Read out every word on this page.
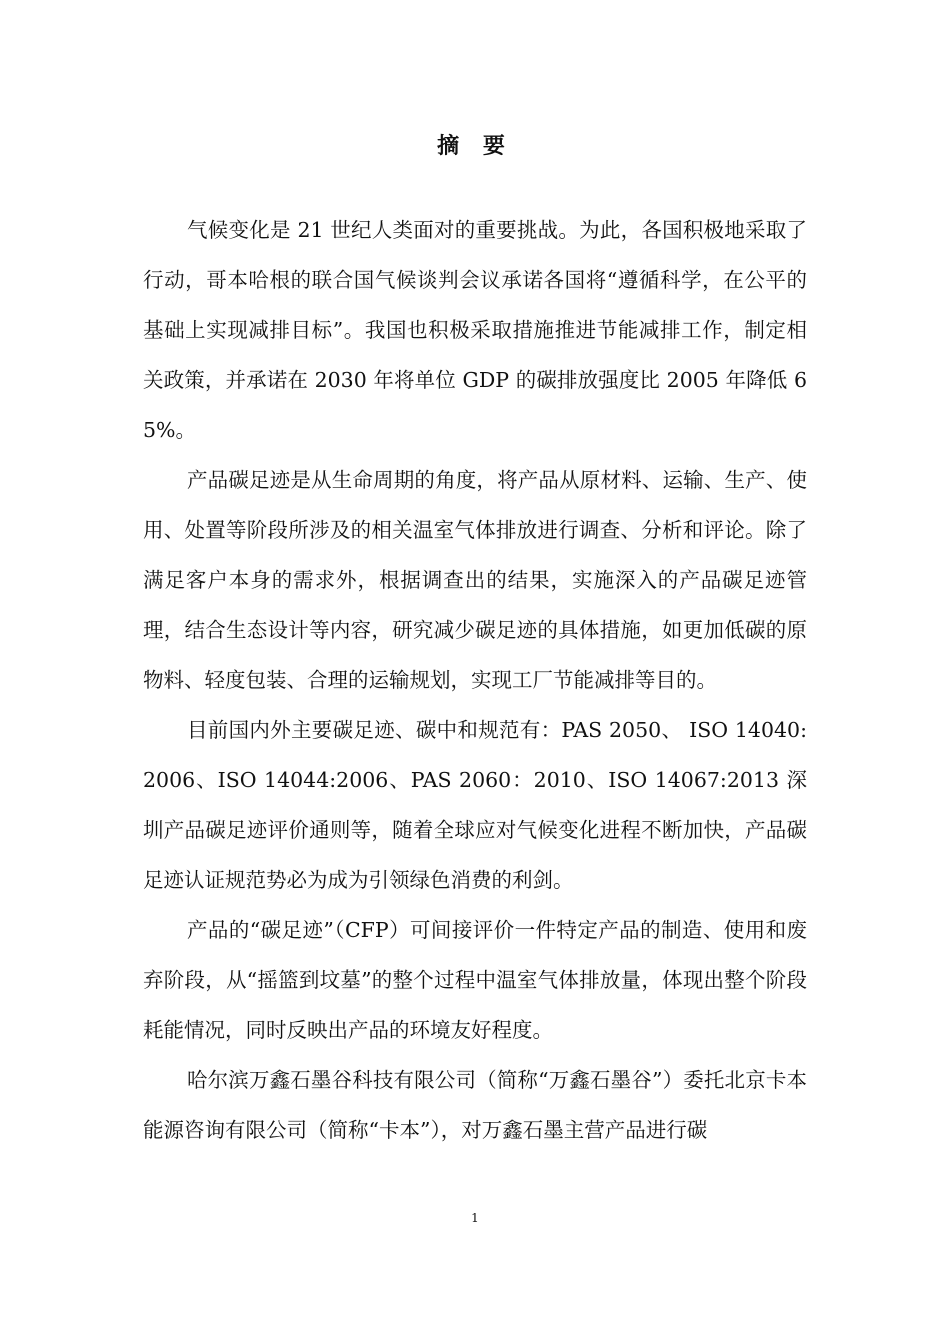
摘 要

气候变化是 21 世纪人类面对的重要挑战。为此，各国积极地采取了行动，哥本哈根的联合国气候谈判会议承诺各国将“遵循科学，在公平的基础上实现减排目标”。我国也积极采取措施推进节能减排工作，制定相关政策，并承诺在 2030 年将单位 GDP 的碳排放强度比 2005 年降低 65%。

产品碳足迹是从生命周期的角度，将产品从原材料、运输、生产、使用、处置等阶段所涉及的相关温室气体排放进行调查、分析和评论。除了满足客户本身的需求外，根据调查出的结果，实施深入的产品碳足迹管理，结合生态设计等内容，研究减少碳足迹的具体措施，如更加低碳的原物料、轻度包装、合理的运输规划，实现工厂节能减排等目的。

目前国内外主要碳足迹、碳中和规范有：PAS 2050、 ISO 14040:2006、ISO 14044:2006、PAS 2060：2010、ISO 14067:2013 深圳产品碳足迹评价通则等，随着全球应对气候变化进程不断加快，产品碳足迹认证规范势必为成为引领绿色消费的利剑。

产品的“碳足迹”（CFP）可间接评价一件特定产品的制造、使用和废弃阶段，从“摇篮到坟墓”的整个过程中温室气体排放量，体现出整个阶段耗能情况，同时反映出产品的环境友好程度。

哈尔滨万鑫石墨谷科技有限公司（简称“万鑫石墨谷”）委托北京卡本能源咨询有限公司（简称“卡本”），对万鑫石墨主营产品进行碳

1
